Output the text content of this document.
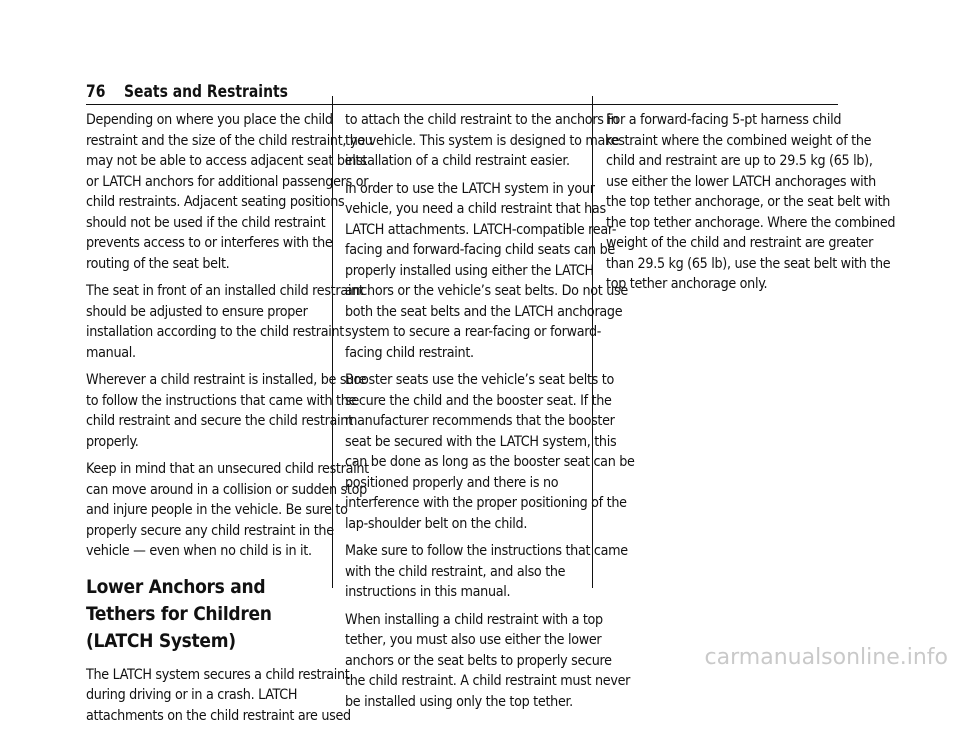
76 Seats and Restraints

Depending on where you place the child restraint and the size of the child restraint, you may not be able to access adjacent seat belts or LATCH anchors for additional passengers or child restraints. Adjacent seating positions should not be used if the child restraint prevents access to or interferes with the routing of the seat belt.

The seat in front of an installed child restraint should be adjusted to ensure proper installation according to the child restraint manual.

Wherever a child restraint is installed, be sure to follow the instructions that came with the child restraint and secure the child restraint properly.

Keep in mind that an unsecured child restraint can move around in a collision or sudden stop and injure people in the vehicle. Be sure to properly secure any child restraint in the vehicle — even when no child is in it.

Lower Anchors and Tethers for Children (LATCH System)

The LATCH system secures a child restraint during driving or in a crash. LATCH attachments on the child restraint are used

to attach the child restraint to the anchors in the vehicle. This system is designed to make installation of a child restraint easier.

In order to use the LATCH system in your vehicle, you need a child restraint that has LATCH attachments. LATCH-compatible rear-facing and forward-facing child seats can be properly installed using either the LATCH anchors or the vehicle’s seat belts. Do not use both the seat belts and the LATCH anchorage system to secure a rear-facing or forward-facing child restraint.

Booster seats use the vehicle’s seat belts to secure the child and the booster seat. If the manufacturer recommends that the booster seat be secured with the LATCH system, this can be done as long as the booster seat can be positioned properly and there is no interference with the proper positioning of the lap-shoulder belt on the child.

Make sure to follow the instructions that came with the child restraint, and also the instructions in this manual.

When installing a child restraint with a top tether, you must also use either the lower anchors or the seat belts to properly secure the child restraint. A child restraint must never be installed using only the top tether.

For a forward-facing 5-pt harness child restraint where the combined weight of the child and restraint are up to 29.5 kg (65 lb), use either the lower LATCH anchorages with the top tether anchorage, or the seat belt with the top tether anchorage. Where the combined weight of the child and restraint are greater than 29.5 kg (65 lb), use the seat belt with the top tether anchorage only.

carmanualsonline.info
